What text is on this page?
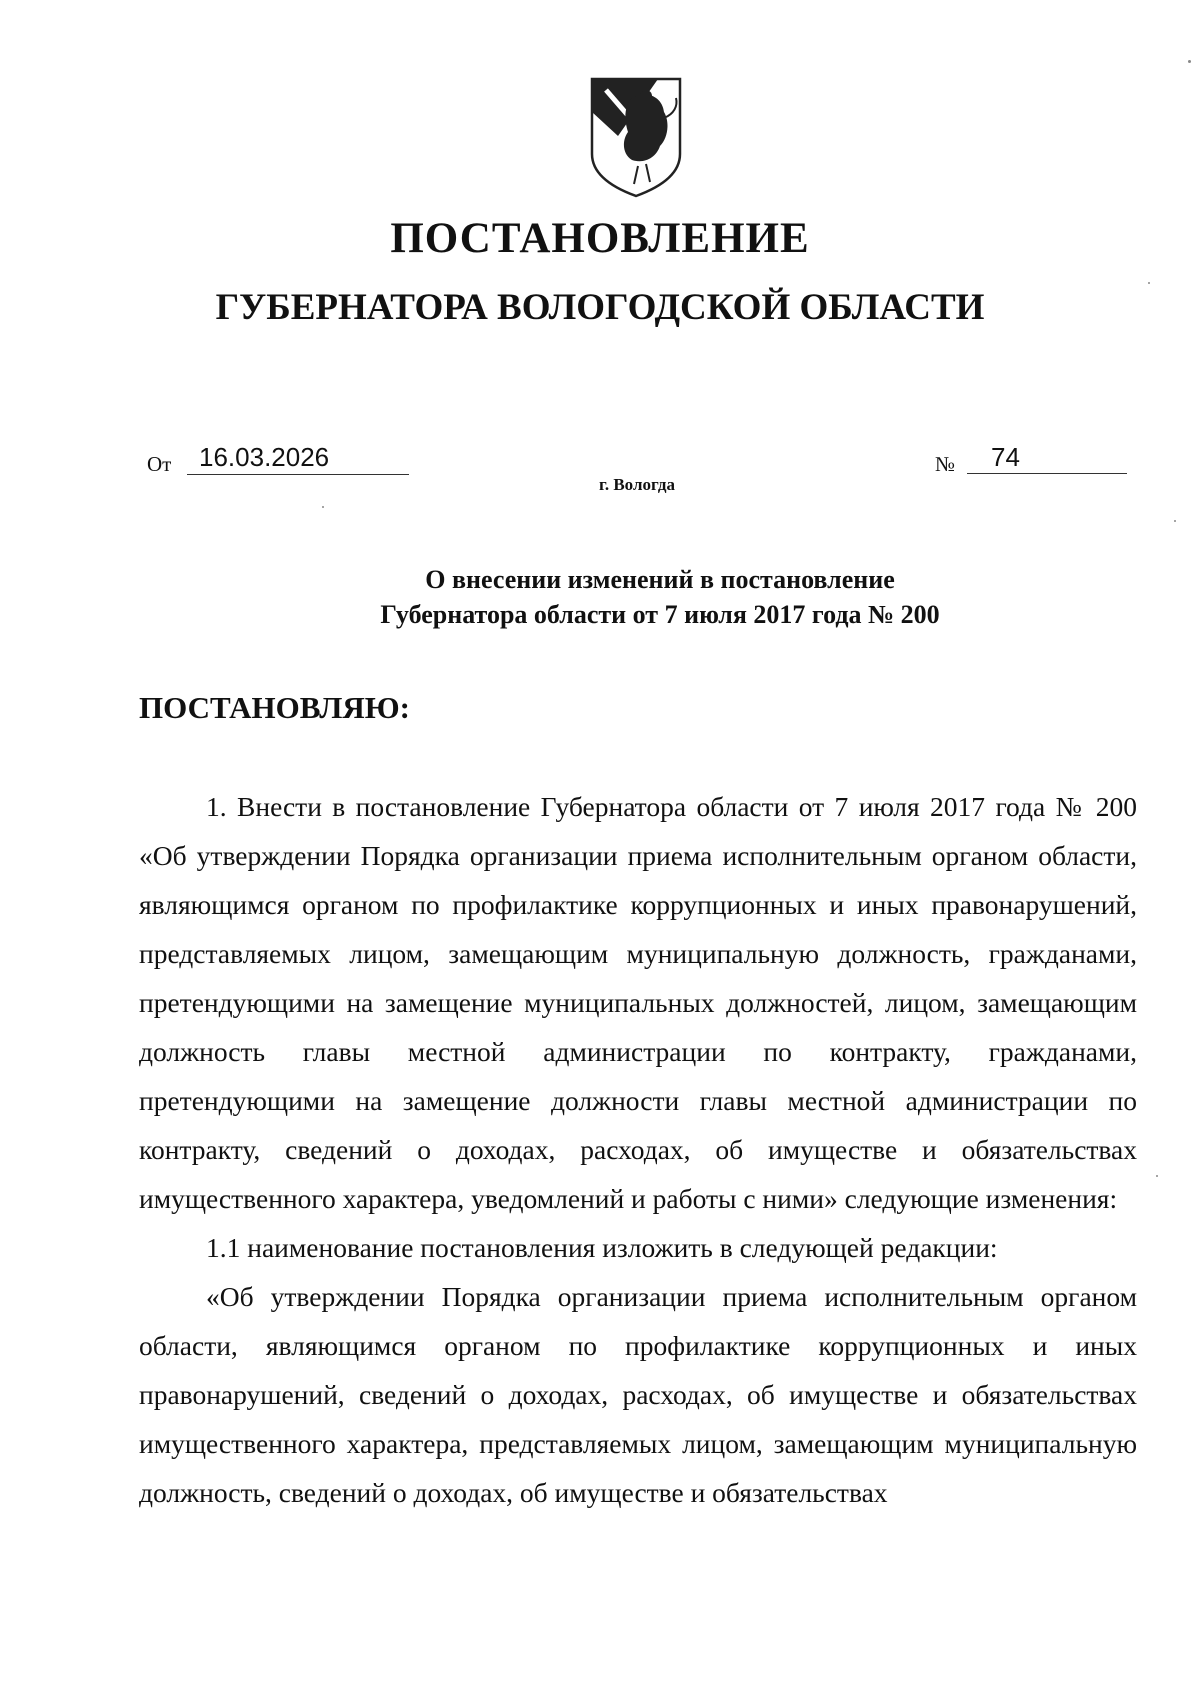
ПОСТАНОВЛЕНИЕ
ГУБЕРНАТОРА ВОЛОГОДСКОЙ ОБЛАСТИ
От	16.03.2026	№	74
г. Вологда
О внесении изменений в постановление
Губернатора области от 7 июля 2017 года № 200
ПОСТАНОВЛЯЮ:

1. Внести в постановление Губернатора области от 7 июля 2017 года № 200 «Об утверждении Порядка организации приема исполнительным органом области, являющимся органом по профилактике коррупционных и иных правонарушений, представляемых лицом, замещающим муниципальную должность, гражданами, претендующими на замещение муниципальных должностей, лицом, замещающим должность главы местной администрации по контракту, гражданами, претендующими на замещение должности главы местной администрации по контракту, сведений о доходах, расходах, об имуществе и обязательствах имущественного характера, уведомлений и работы с ними» следующие изменения:

1.1 наименование постановления изложить в следующей редакции:

«Об утверждении Порядка организации приема исполнительным органом области, являющимся органом по профилактике коррупционных и иных правонарушений, сведений о доходах, расходах, об имуществе и обязательствах имущественного характера, представляемых лицом, замещающим муниципальную должность, сведений о доходах, об имуществе и обязательствах
